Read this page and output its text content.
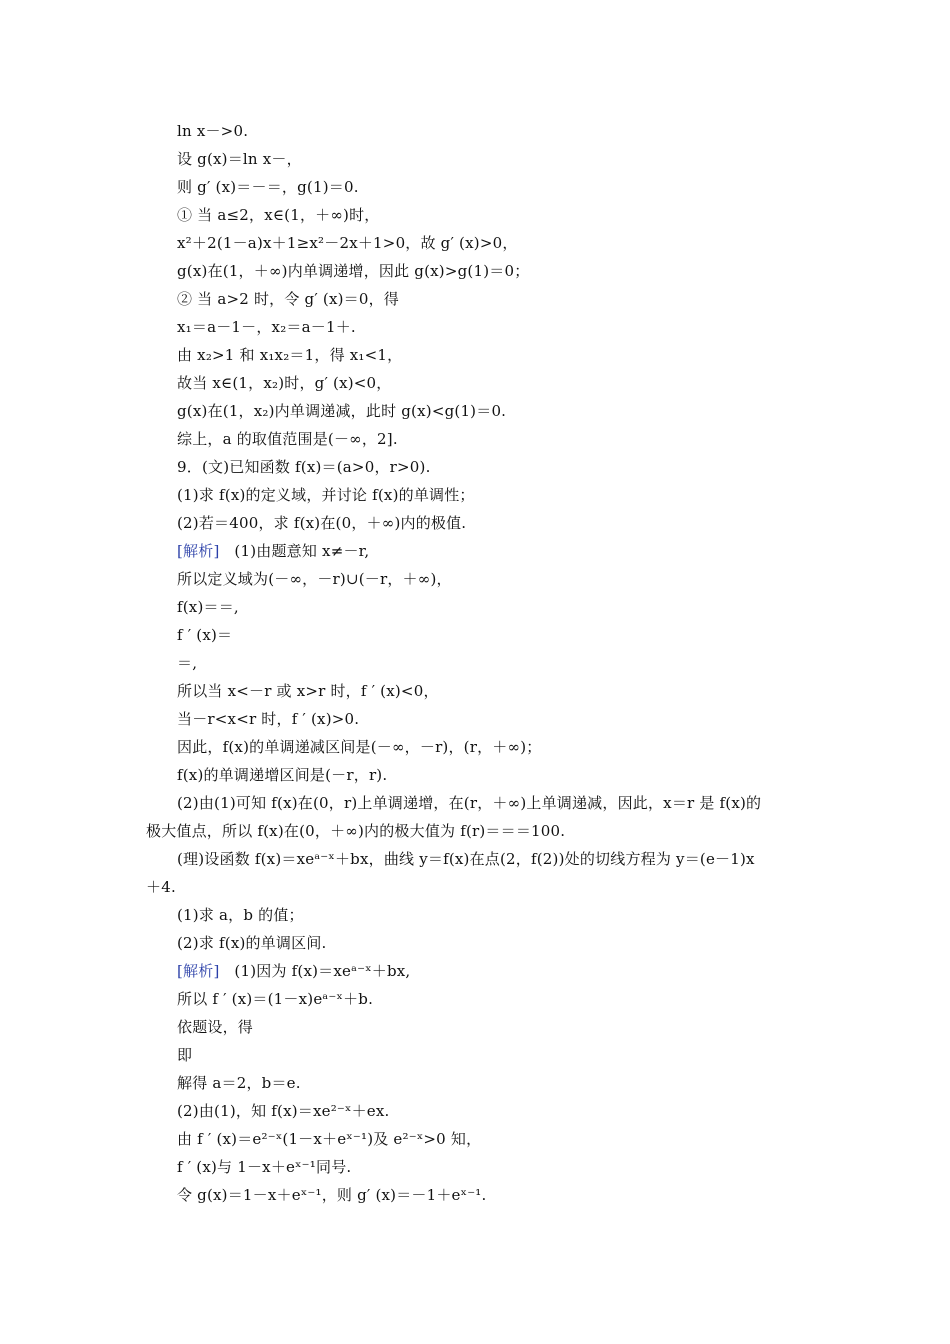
ln x－>0.
设 g(x)＝ln x－，
则 g′ (x)＝－＝，g(1)＝0.
① 当 a≤2，x∈(1，＋∞)时，
x²＋2(1－a)x＋1≥x²－2x＋1>0，故 g′ (x)>0，
g(x)在(1，＋∞)内单调递增，因此 g(x)>g(1)＝0；
② 当 a>2 时，令 g′ (x)＝0，得
x₁＝a－1－，x₂＝a－1＋.
由 x₂>1 和 x₁x₂＝1，得 x₁<1，
故当 x∈(1，x₂)时，g′ (x)<0，
g(x)在(1，x₂)内单调递减，此时 g(x)<g(1)＝0.
综上，a 的取值范围是(－∞，2].
9．(文)已知函数 f(x)＝(a>0，r>0).
(1)求 f(x)的定义域，并讨论 f(x)的单调性；
(2)若＝400，求 f(x)在(0，＋∞)内的极值.
[解析] (1)由题意知 x≠－r,
所以定义域为(－∞，－r)∪(－r，＋∞)，
f(x)＝＝,
f ′ (x)＝
＝,
所以当 x<－r 或 x>r 时，f ′ (x)<0，
当－r<x<r 时，f ′ (x)>0.
因此，f(x)的单调递减区间是(－∞，－r)，(r，＋∞)；
f(x)的单调递增区间是(－r，r).
(2)由(1)可知 f(x)在(0，r)上单调递增，在(r，＋∞)上单调递减，因此，x＝r 是 f(x)的
极大值点，所以 f(x)在(0，＋∞)内的极大值为 f(r)＝＝＝100.
(理)设函数 f(x)＝xeᵃ⁻ˣ＋bx，曲线 y＝f(x)在点(2，f(2))处的切线方程为 y＝(e－1)x
＋4.
(1)求 a，b 的值；
(2)求 f(x)的单调区间.
[解析] (1)因为 f(x)＝xeᵃ⁻ˣ＋bx,
所以 f ′ (x)＝(1－x)eᵃ⁻ˣ＋b.
依题设，得
即
解得 a＝2，b＝e.
(2)由(1)，知 f(x)＝xe²⁻ˣ＋ex.
由 f ′ (x)＝e²⁻ˣ(1－x＋eˣ⁻¹)及 e²⁻ˣ>0 知，
f ′ (x)与 1－x＋eˣ⁻¹同号.
令 g(x)＝1－x＋eˣ⁻¹，则 g′ (x)＝－1＋eˣ⁻¹.
